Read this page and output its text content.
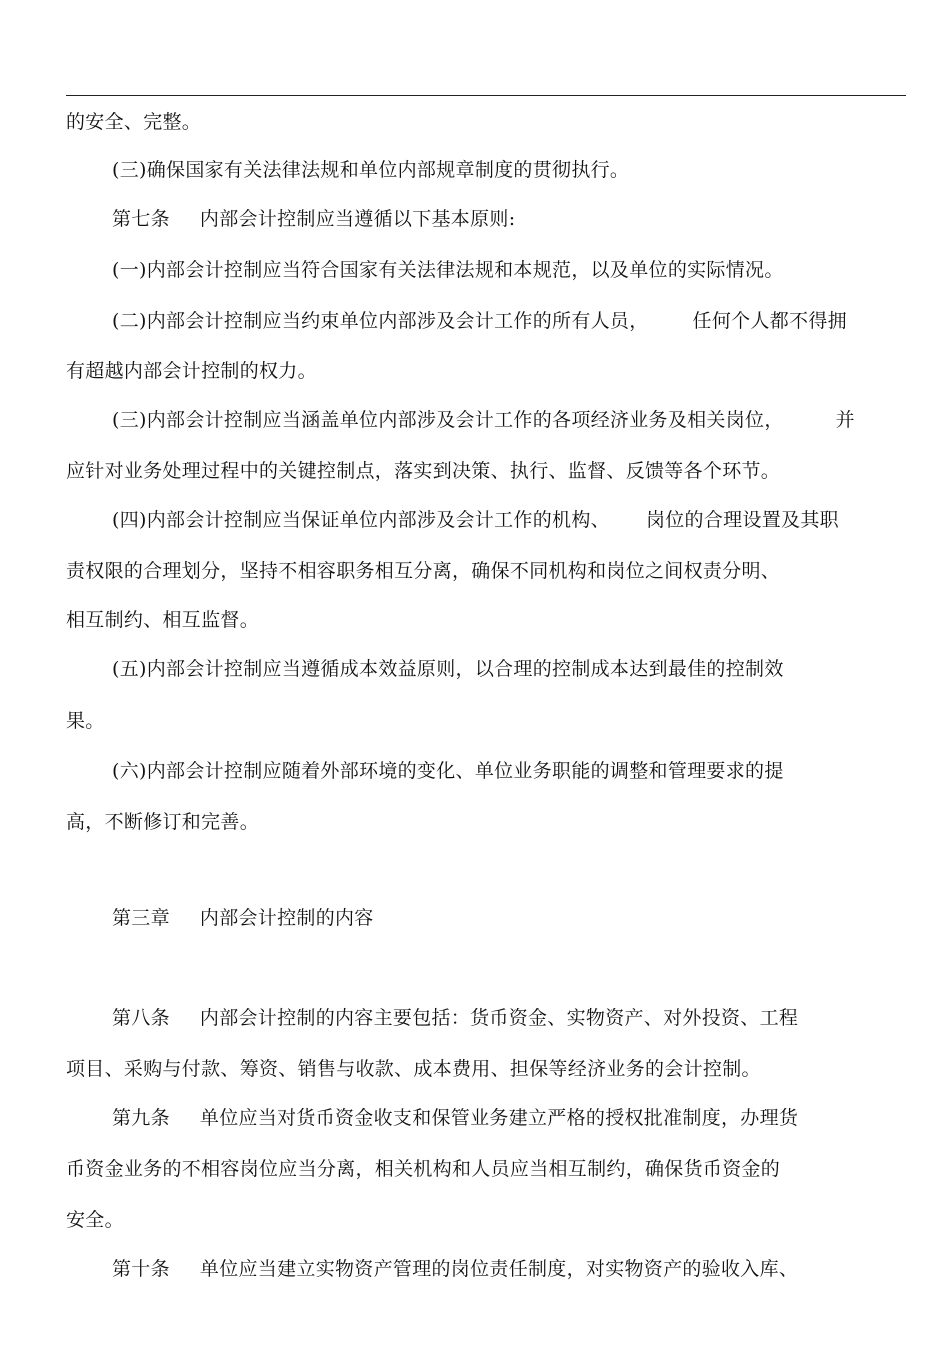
的安全、完整。
(三)确保国家有关法律法规和单位内部规章制度的贯彻执行。
第七条 内部会计控制应当遵循以下基本原则:
(一)内部会计控制应当符合国家有关法律法规和本规范，以及单位的实际情况。
(二)内部会计控制应当约束单位内部涉及会计工作的所有人员， 任何个人都不得拥
有超越内部会计控制的权力。
(三)内部会计控制应当涵盖单位内部涉及会计工作的各项经济业务及相关岗位，	并
应针对业务处理过程中的关键控制点，落实到决策、执行、监督、反馈等各个环节。
(四)内部会计控制应当保证单位内部涉及会计工作的机构、 岗位的合理设置及其职
责权限的合理划分，坚持不相容职务相互分离，确保不同机构和岗位之间权责分明、
相互制约、相互监督。
(五)内部会计控制应当遵循成本效益原则，以合理的控制成本达到最佳的控制效
果。
(六)内部会计控制应随着外部环境的变化、单位业务职能的调整和管理要求的提
高，不断修订和完善。
第三章 内部会计控制的内容
第八条 内部会计控制的内容主要包括：货币资金、实物资产、对外投资、工程
项目、采购与付款、筹资、销售与收款、成本费用、担保等经济业务的会计控制。
第九条 单位应当对货币资金收支和保管业务建立严格的授权批准制度，办理货
币资金业务的不相容岗位应当分离，相关机构和人员应当相互制约，确保货币资金的
安全。
第十条 单位应当建立实物资产管理的岗位责任制度，对实物资产的验收入库、
